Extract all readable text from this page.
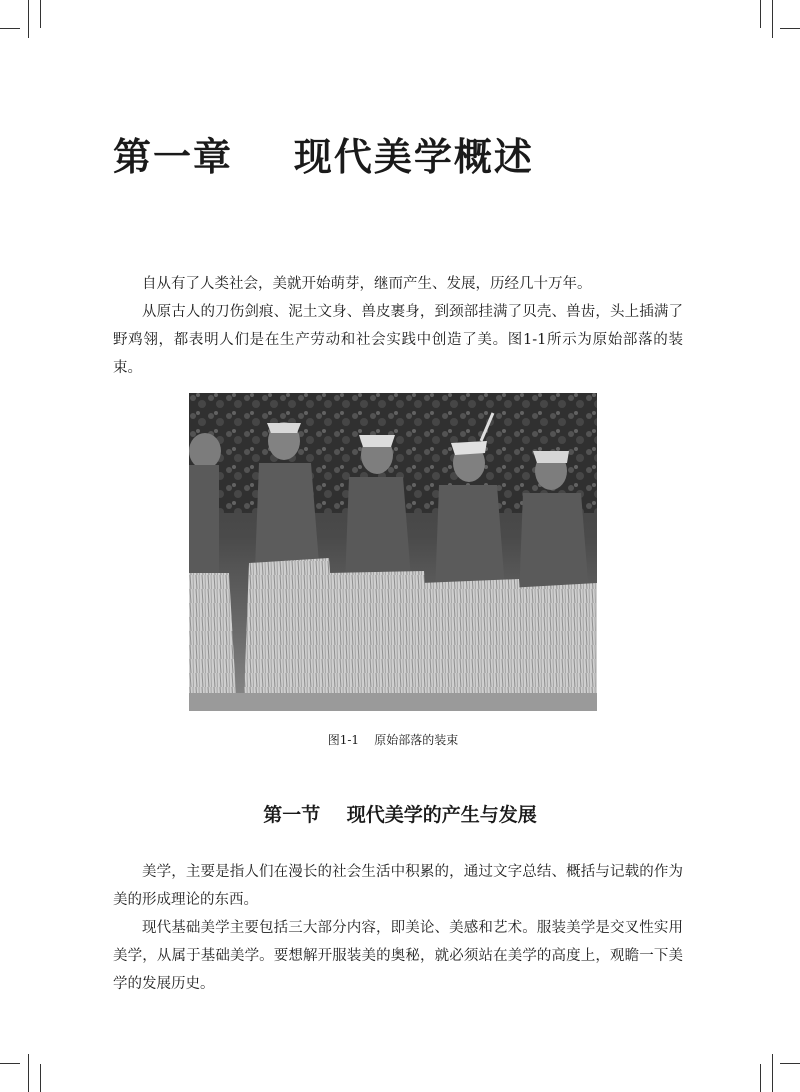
第一章    现代美学概述

自从有了人类社会，美就开始萌芽，继而产生、发展，历经几十万年。

从原古人的刀伤剑痕、泥土文身、兽皮裹身，到颈部挂满了贝壳、兽齿，头上插满了野鸡翎，都表明人们是在生产劳动和社会实践中创造了美。图1-1所示为原始部落的装束。

图1-1    原始部落的装束
第一节    现代美学的产生与发展

美学，主要是指人们在漫长的社会生活中积累的，通过文字总结、概括与记载的作为美的形成理论的东西。

现代基础美学主要包括三大部分内容，即美论、美感和艺术。服装美学是交叉性实用美学，从属于基础美学。要想解开服装美的奥秘，就必须站在美学的高度上，观瞻一下美学的发展历史。
